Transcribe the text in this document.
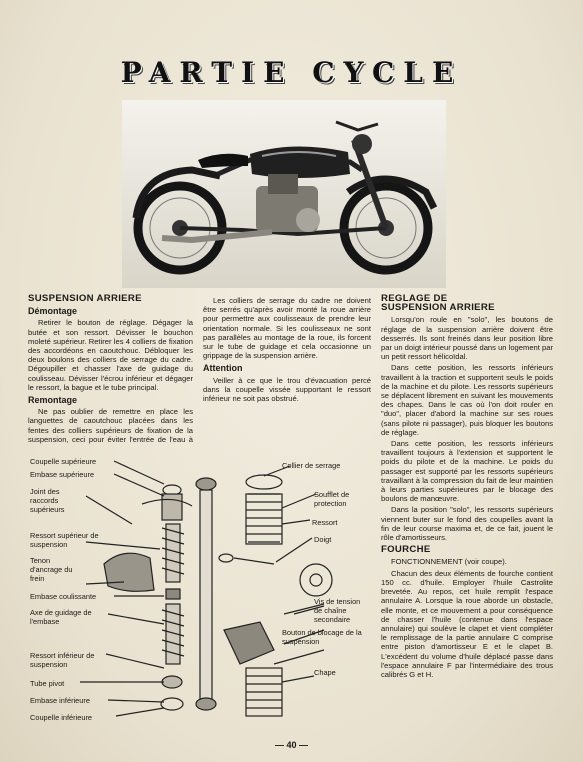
PARTIE CYCLE
SUSPENSION ARRIERE
Démontage

Retirer le bouton de réglage. Dégager la butée et son ressort. Dévisser le bouchon moleté supérieur. Retirer les 4 colliers de fixation des accordéons en caoutchouc. Débloquer les deux boulons des colliers de serrage du cadre. Dégoupiller et chasser l'axe de guidage du coulisseau. Dévisser l'écrou inférieur et dégager le ressort, la bague et le tube principal.

Remontage

Ne pas oublier de remettre en place les languettes de caoutchouc placées dans les fentes des colliers supérieurs de fixation de la suspension, ceci pour éviter l'entrée de l'eau à

Les colliers de serrage du cadre ne doivent être serrés qu'après avoir monté la roue arrière pour permettre aux coulisseaux de prendre leur orientation normale. Si les coulisseaux ne sont pas parallèles au montage de la roue, ils forcent sur le tube de guidage et cela occasionne un grippage de la suspension arrière.

Attention

Veiller à ce que le trou d'évacuation percé dans la coupelle vissée supportant le ressort inférieur ne soit pas obstrué.

REGLAGE DE
SUSPENSION ARRIERE

Lorsqu'on roule en "solo", les boutons de réglage de la suspension arrière doivent être desserrés. Ils sont freinés dans leur position libre par un doigt intérieur poussé dans un logement par un petit ressort hélicoïdal.

Dans cette position, les ressorts inférieurs travaillent à la traction et supportent seuls le poids de la machine et du pilote. Les ressorts supérieurs se déplacent librement en suivant les mouvements des chapes. Dans le cas où l'on doit rouler en "duo", placer d'abord la machine sur ses roues (sans pilote ni passager), puis bloquer les boutons de réglage.

Dans cette position, les ressorts inférieurs travaillent toujours à l'extension et supportent le poids du pilote et de la machine. Le poids du passager est supporté par les ressorts supérieurs travaillant à la compression du fait de leur maintien à leurs parties supérieures par le blocage des boulons de manœuvre.

Dans la position "solo", les ressorts supérieurs viennent buter sur le fond des coupelles avant la fin de leur course maxima et, de ce fait, jouent le rôle d'amortisseurs.

FOURCHE

FONCTIONNEMENT (voir coupe).

Chacun des deux éléments de fourche contient 150 cc. d'huile. Employer l'huile Castrolite brevetée. Au repos, cet huile remplit l'espace annulaire A. Lorsque la roue aborde un obstacle, elle monte, et ce mouvement a pour conséquence de chasser l'huile (contenue dans l'espace annulaire) qui soulève le clapet et vient compléter le remplissage de la partie annulaire C comprise entre piston d'amortisseur E et le clapet B. L'excédent du volume d'huile déplacé passe dans l'espace annulaire F par l'intermédiaire des trous calibrés G et H.

Coupelle supérieure
Embase supérieure
Joint des raccords supérieurs
Ressort supérieur de suspension
Tenon d'ancrage du frein
Embase coulissante
Axe de guidage de l'embase
Ressort inférieur de suspension
Tube pivot
Embase inférieure
Coupelle inférieure
Collier de serrage
Soufflet de protection
Ressort
Doigt
Vis de tension de chaîne secondaire
Bouton de blocage de la suspension
Chape
— 40 —
